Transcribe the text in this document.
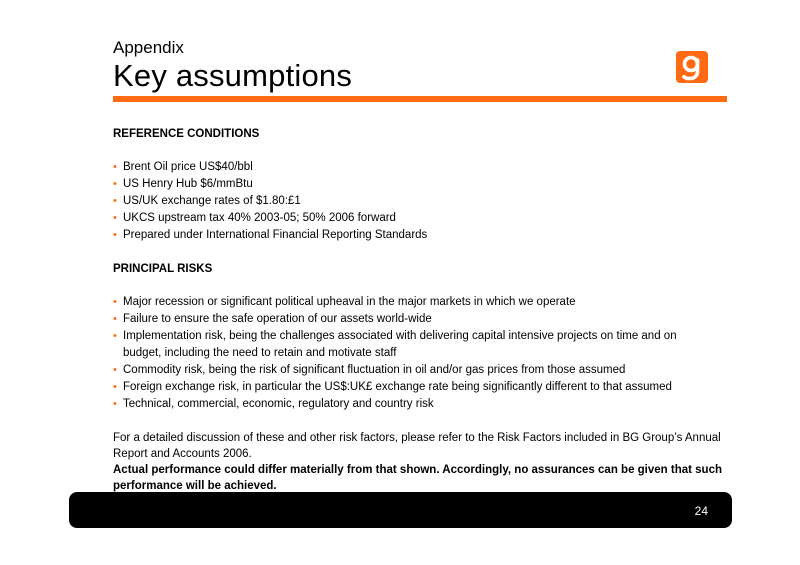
Appendix
Key assumptions

REFERENCE CONDITIONS

• Brent Oil price US$40/bbl
• US Henry Hub $6/mmBtu
• US/UK exchange rates of $1.80:£1
• UKCS upstream tax 40% 2003-05; 50% 2006 forward
• Prepared under International Financial Reporting Standards

PRINCIPAL RISKS

• Major recession or significant political upheaval in the major markets in which we operate
• Failure to ensure the safe operation of our assets world-wide
• Implementation risk, being the challenges associated with delivering capital intensive projects on time and on budget, including the need to retain and motivate staff
• Commodity risk, being the risk of significant fluctuation in oil and/or gas prices from those assumed
• Foreign exchange risk, in particular the US$:UK£ exchange rate being significantly different to that assumed
• Technical, commercial, economic, regulatory and country risk

For a detailed discussion of these and other risk factors, please refer to the Risk Factors included in BG Group’s Annual Report and Accounts 2006.

Actual performance could differ materially from that shown. Accordingly, no assurances can be given that such performance will be achieved.

24
